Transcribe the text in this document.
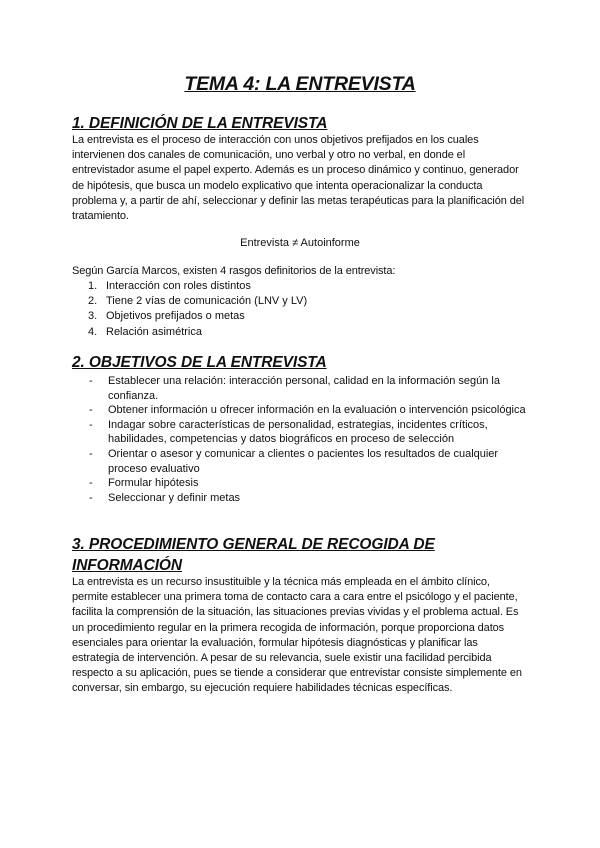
TEMA 4: LA ENTREVISTA
1. DEFINICIÓN DE LA ENTREVISTA

La entrevista es el proceso de interacción con unos objetivos prefijados en los cuales intervienen dos canales de comunicación, uno verbal y otro no verbal, en donde el entrevistador asume el papel experto. Además es un proceso dinámico y continuo, generador de hipótesis, que busca un modelo explicativo que intenta operacionalizar la conducta problema y, a partir de ahí, seleccionar y definir las metas terapéuticas para la planificación del tratamiento.

Entrevista ≠ Autoinforme

Según García Marcos, existen 4 rasgos definitorios de la entrevista:

1. Interacción con roles distintos
2. Tiene 2 vías de comunicación (LNV y LV)
3. Objetivos prefijados o metas
4. Relación asimétrica
2. OBJETIVOS DE LA ENTREVISTA
- Establecer una relación: interacción personal, calidad en la información según la confianza.
- Obtener información u ofrecer información en la evaluación o intervención psicológica
- Indagar sobre características de personalidad, estrategias, incidentes críticos, habilidades, competencias y datos biográficos en proceso de selección
- Orientar o asesor y comunicar a clientes o pacientes los resultados de cualquier proceso evaluativo
- Formular hipótesis
- Seleccionar y definir metas
3. PROCEDIMIENTO GENERAL DE RECOGIDA DE
INFORMACIÓN

La entrevista es un recurso insustituible y la técnica más empleada en el ámbito clínico, permite establecer una primera toma de contacto cara a cara entre el psicólogo y el paciente, facilita la comprensión de la situación, las situaciones previas vividas y el problema actual. Es un procedimiento regular en la primera recogida de información, porque proporciona datos esenciales para orientar la evaluación, formular hipótesis diagnósticas y planificar las estrategia de intervención. A pesar de su relevancia, suele existir una facilidad percibida respecto a su aplicación, pues se tiende a considerar que entrevistar consiste simplemente en conversar, sin embargo, su ejecución requiere habilidades técnicas específicas.
